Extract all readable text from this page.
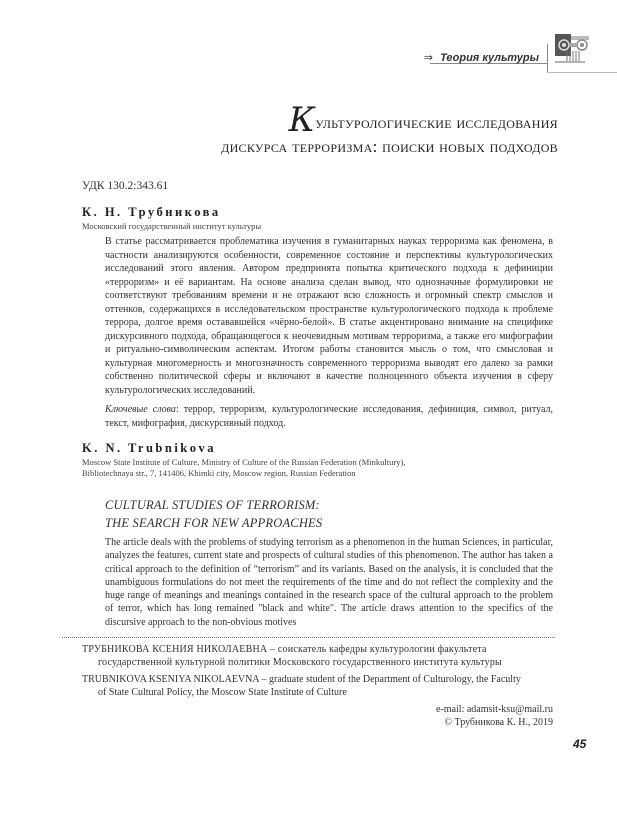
⇒ Теория культуры
Культурологические исследования
дискурса терроризма: поиски новых подходов
УДК 130.2:343.61
К. Н. Трубникова
Московский государственный институт культуры

В статье рассматривается проблематика изучения в гуманитарных науках терроризма как феномена, в частности анализируются особенности, современное состояние и перспективы культурологических исследований этого явления. Автором предпринята попытка критического подхода к дефиниции «терроризм» и её вариантам. На основе анализа сделан вывод, что однозначные формулировки не соответствуют требованиям времени и не отражают всю сложность и огромный спектр смыслов и оттенков, содержащихся в исследовательском пространстве культурологического подхода к проблеме террора, долгое время остававшейся «чёрно-белой». В статье акцентировано внимание на специфике дискурсивного подхода, обращающегося к неочевидным мотивам терроризма, а также его мифографии и ритуально-символическим аспектам. Итогом работы становится мысль о том, что смысловая и культурная многомерность и многозначность современного терроризма выводят его далеко за рамки собственно политической сферы и включают в качестве полноценного объекта изучения в сферу культурологических исследований.

Ключевые слова: террор, терроризм, культурологические исследования, дефиниция, символ, ритуал, текст, мифография, дискурсивный подход.

K. N. Trubnikova
Moscow State Institute of Culture, Ministry of Culture of the Russian Federation (Minkultury),
Bibliotechnaya str., 7, 141406, Khimki city, Moscow region, Russian Federation
CULTURAL STUDIES OF TERRORISM:
THE SEARCH FOR NEW APPROACHES
The article deals with the problems of studying terrorism as a phenomenon in the human Sciences, in particular, analyzes the features, current state and prospects of cultural studies of this phenomenon. The author has taken a critical approach to the definition of “terrorism” and its variants. Based on the analysis, it is concluded that the unambiguous formulations do not meet the requirements of the time and do not reflect the complexity and the huge range of meanings and meanings contained in the research space of the cultural approach to the problem of terror, which has long remained "black and white". The article draws attention to the specifics of the discursive approach to the non-obvious motives
ТРУБНИКОВА КСЕНИЯ НИКОЛАЕВНА – соискатель кафедры культурологии факультета
государственной культурной политики Московского государственного института культуры
TRUBNIKOVA KSENIYA NIKOLAEVNA – graduate student of the Department of Culturology, the Faculty
of State Cultural Policy, the Moscow State Institute of Culture
e-mail: adamsit-ksu@mail.ru
© Трубникова К. Н., 2019
45
